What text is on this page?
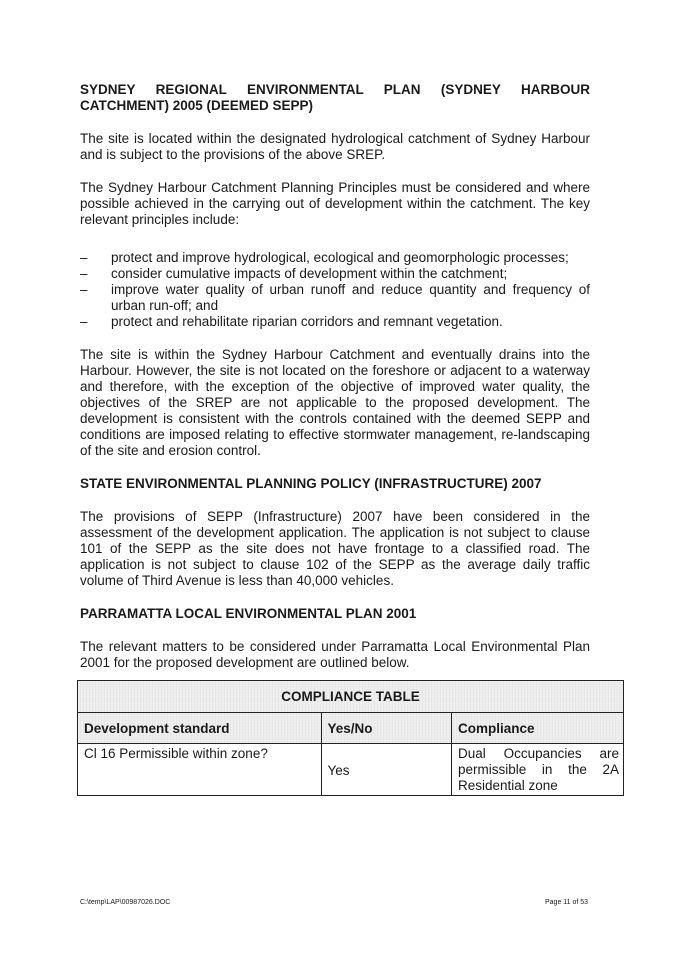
SYDNEY REGIONAL ENVIRONMENTAL PLAN (SYDNEY HARBOUR CATCHMENT) 2005 (DEEMED SEPP)

The site is located within the designated hydrological catchment of Sydney Harbour and is subject to the provisions of the above SREP.

The Sydney Harbour Catchment Planning Principles must be considered and where possible achieved in the carrying out of development within the catchment. The key relevant principles include:

– protect and improve hydrological, ecological and geomorphologic processes;
– consider cumulative impacts of development within the catchment;
– improve water quality of urban runoff and reduce quantity and frequency of urban run-off; and
– protect and rehabilitate riparian corridors and remnant vegetation.

The site is within the Sydney Harbour Catchment and eventually drains into the Harbour. However, the site is not located on the foreshore or adjacent to a waterway and therefore, with the exception of the objective of improved water quality, the objectives of the SREP are not applicable to the proposed development. The development is consistent with the controls contained with the deemed SEPP and conditions are imposed relating to effective stormwater management, re-landscaping of the site and erosion control.

STATE ENVIRONMENTAL PLANNING POLICY (INFRASTRUCTURE) 2007

The provisions of SEPP (Infrastructure) 2007 have been considered in the assessment of the development application. The application is not subject to clause 101 of the SEPP as the site does not have frontage to a classified road. The application is not subject to clause 102 of the SEPP as the average daily traffic volume of Third Avenue is less than 40,000 vehicles.

PARRAMATTA LOCAL ENVIRONMENTAL PLAN 2001

The relevant matters to be considered under Parramatta Local Environmental Plan 2001 for the proposed development are outlined below.

COMPLIANCE TABLE		
Development standard	Yes/No	Compliance
Cl 16 Permissible within zone?	Yes	Dual Occupancies are permissible in the 2A Residential zone
C:\temp\LAP\00987026.DOC	Page 11 of 53
